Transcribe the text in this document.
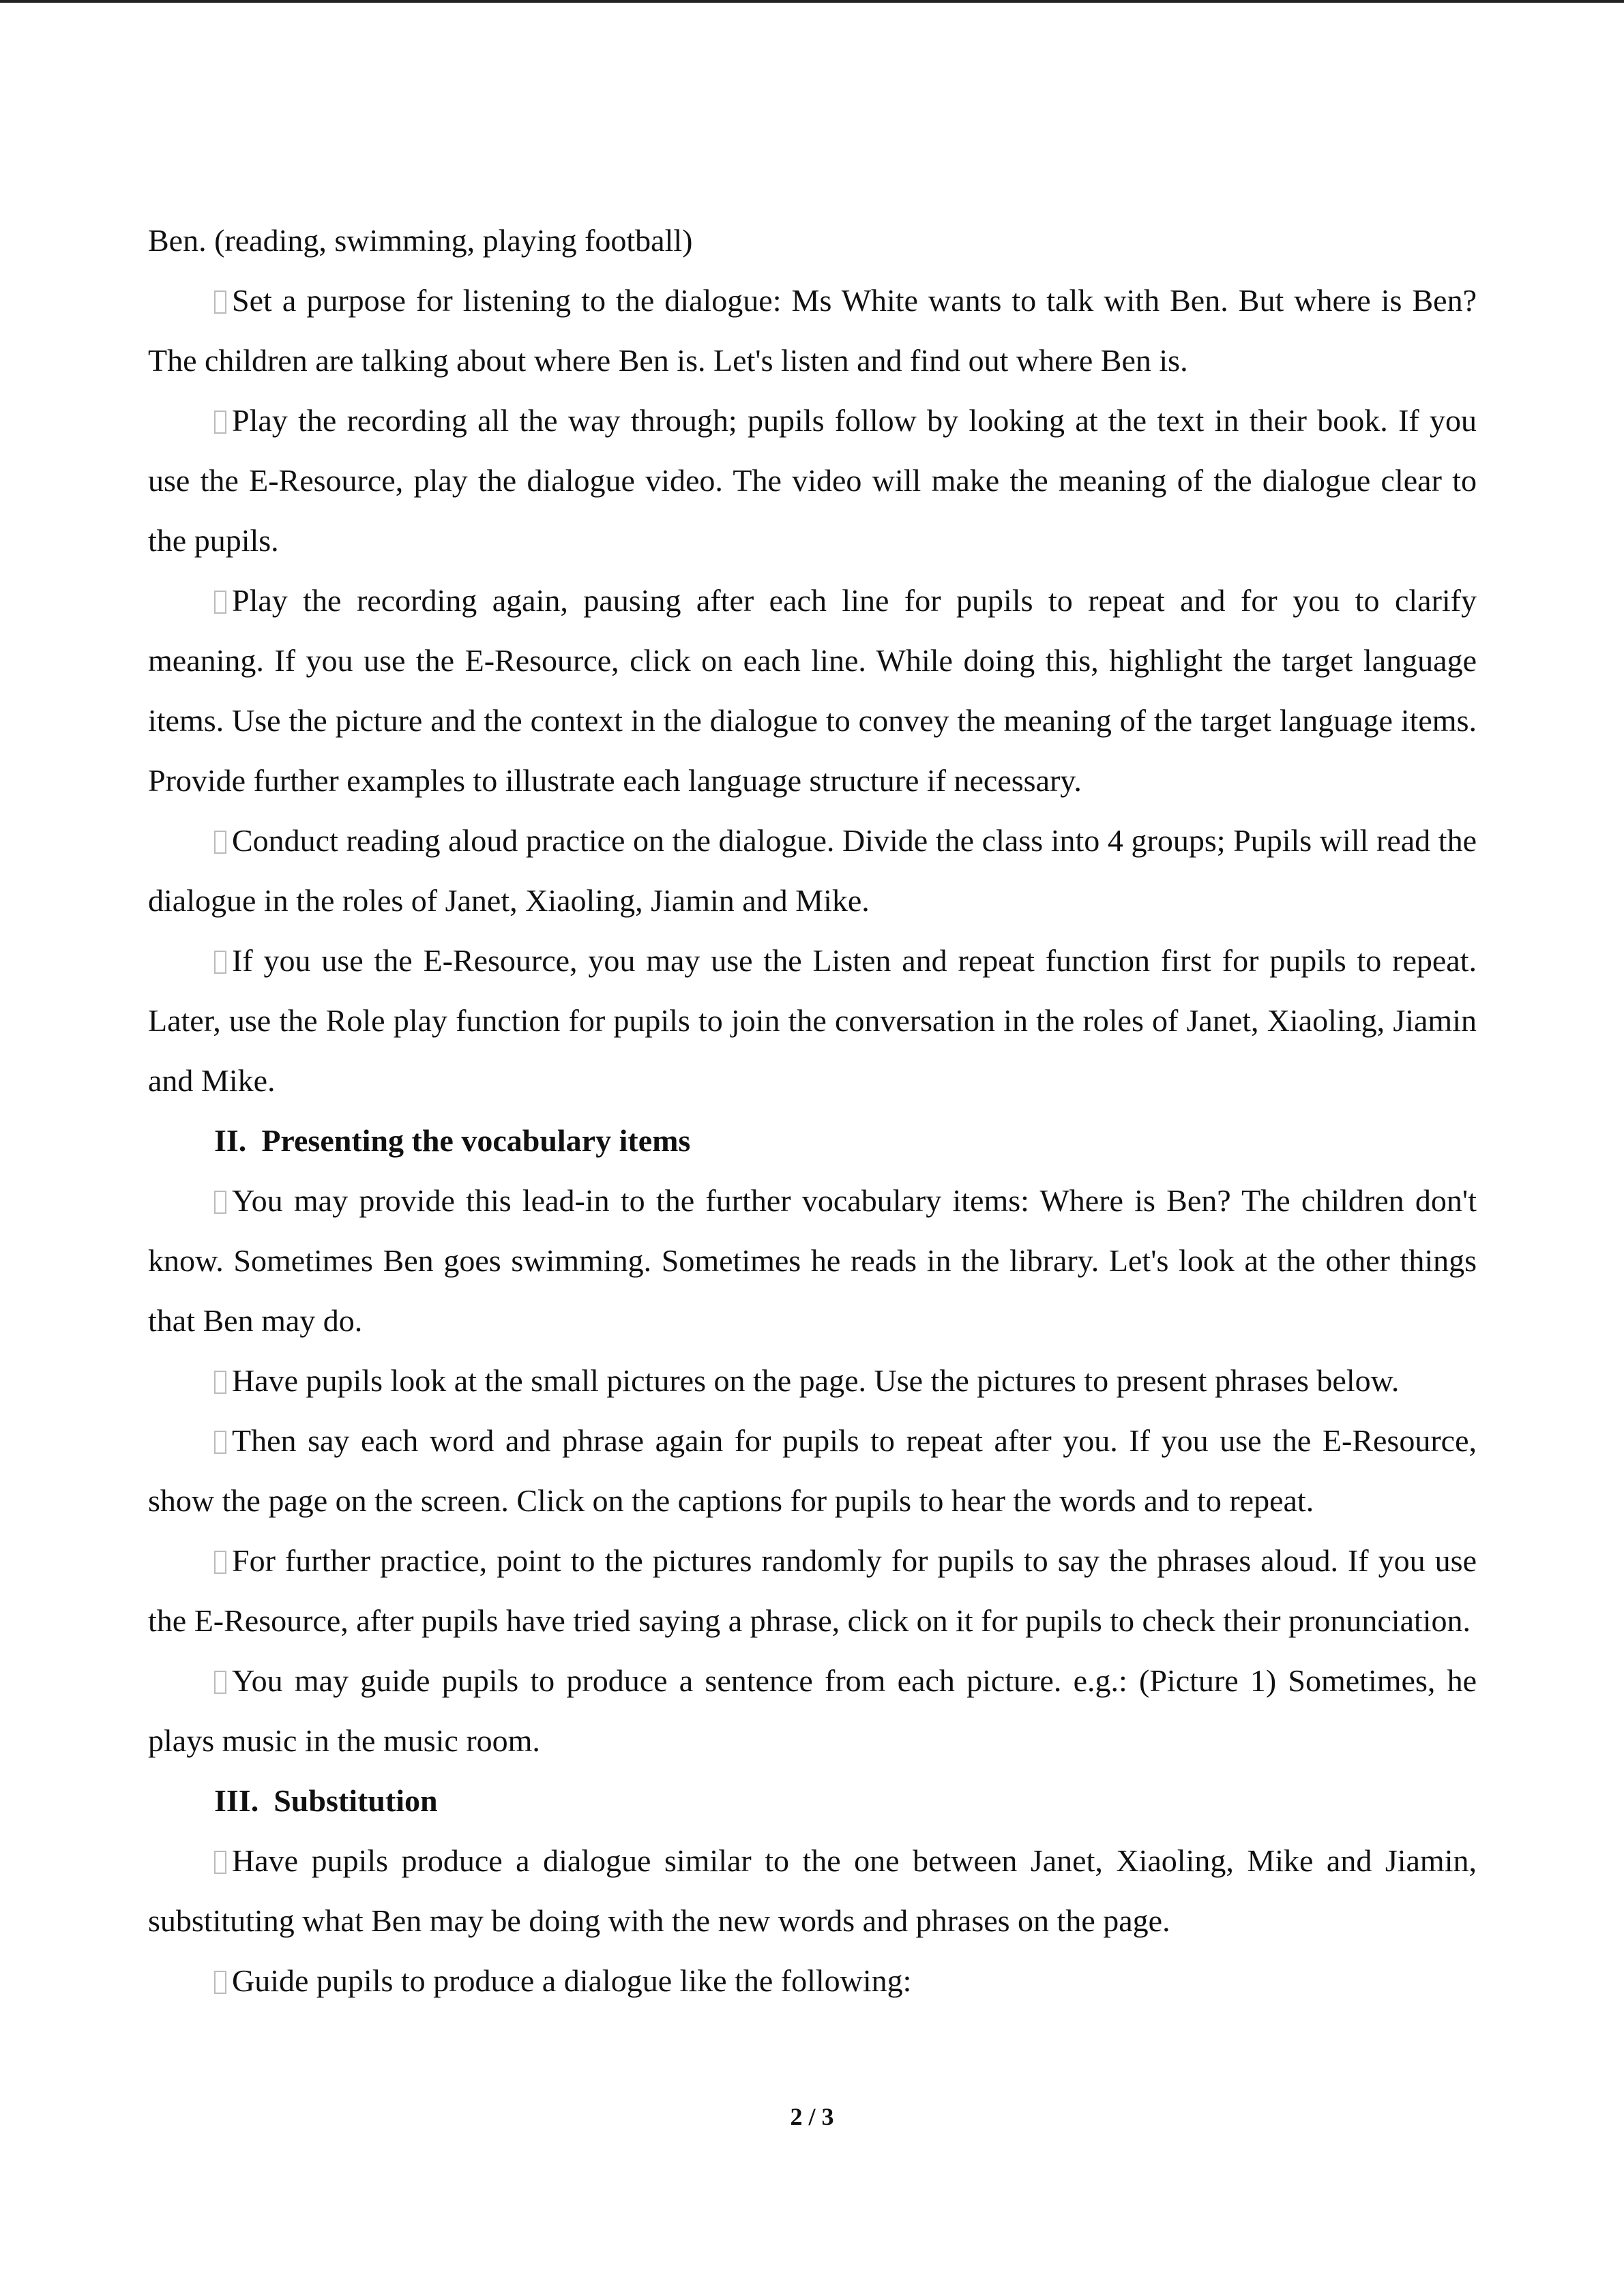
Ben. (reading, swimming, playing football)

Set a purpose for listening to the dialogue: Ms White wants to talk with Ben. But where is Ben? The children are talking about where Ben is. Let's listen and find out where Ben is.

Play the recording all the way through; pupils follow by looking at the text in their book. If you use the E-Resource, play the dialogue video. The video will make the meaning of the dialogue clear to the pupils.

Play the recording again, pausing after each line for pupils to repeat and for you to clarify meaning. If you use the E-Resource, click on each line. While doing this, highlight the target language items. Use the picture and the context in the dialogue to convey the meaning of the target language items. Provide further examples to illustrate each language structure if necessary.

Conduct reading aloud practice on the dialogue. Divide the class into 4 groups; Pupils will read the dialogue in the roles of Janet, Xiaoling, Jiamin and Mike.

If you use the E-Resource, you may use the Listen and repeat function first for pupils to repeat. Later, use the Role play function for pupils to join the conversation in the roles of Janet, Xiaoling, Jiamin and Mike.

II. Presenting the vocabulary items

You may provide this lead-in to the further vocabulary items: Where is Ben? The children don't know. Sometimes Ben goes swimming. Sometimes he reads in the library. Let's look at the other things that Ben may do.

Have pupils look at the small pictures on the page. Use the pictures to present phrases below.

Then say each word and phrase again for pupils to repeat after you. If you use the E-Resource, show the page on the screen. Click on the captions for pupils to hear the words and to repeat.

For further practice, point to the pictures randomly for pupils to say the phrases aloud. If you use the E-Resource, after pupils have tried saying a phrase, click on it for pupils to check their pronunciation.

You may guide pupils to produce a sentence from each picture. e.g.: (Picture 1) Sometimes, he plays music in the music room.

III. Substitution

Have pupils produce a dialogue similar to the one between Janet, Xiaoling, Mike and Jiamin, substituting what Ben may be doing with the new words and phrases on the page.

Guide pupils to produce a dialogue like the following:

2 / 3
